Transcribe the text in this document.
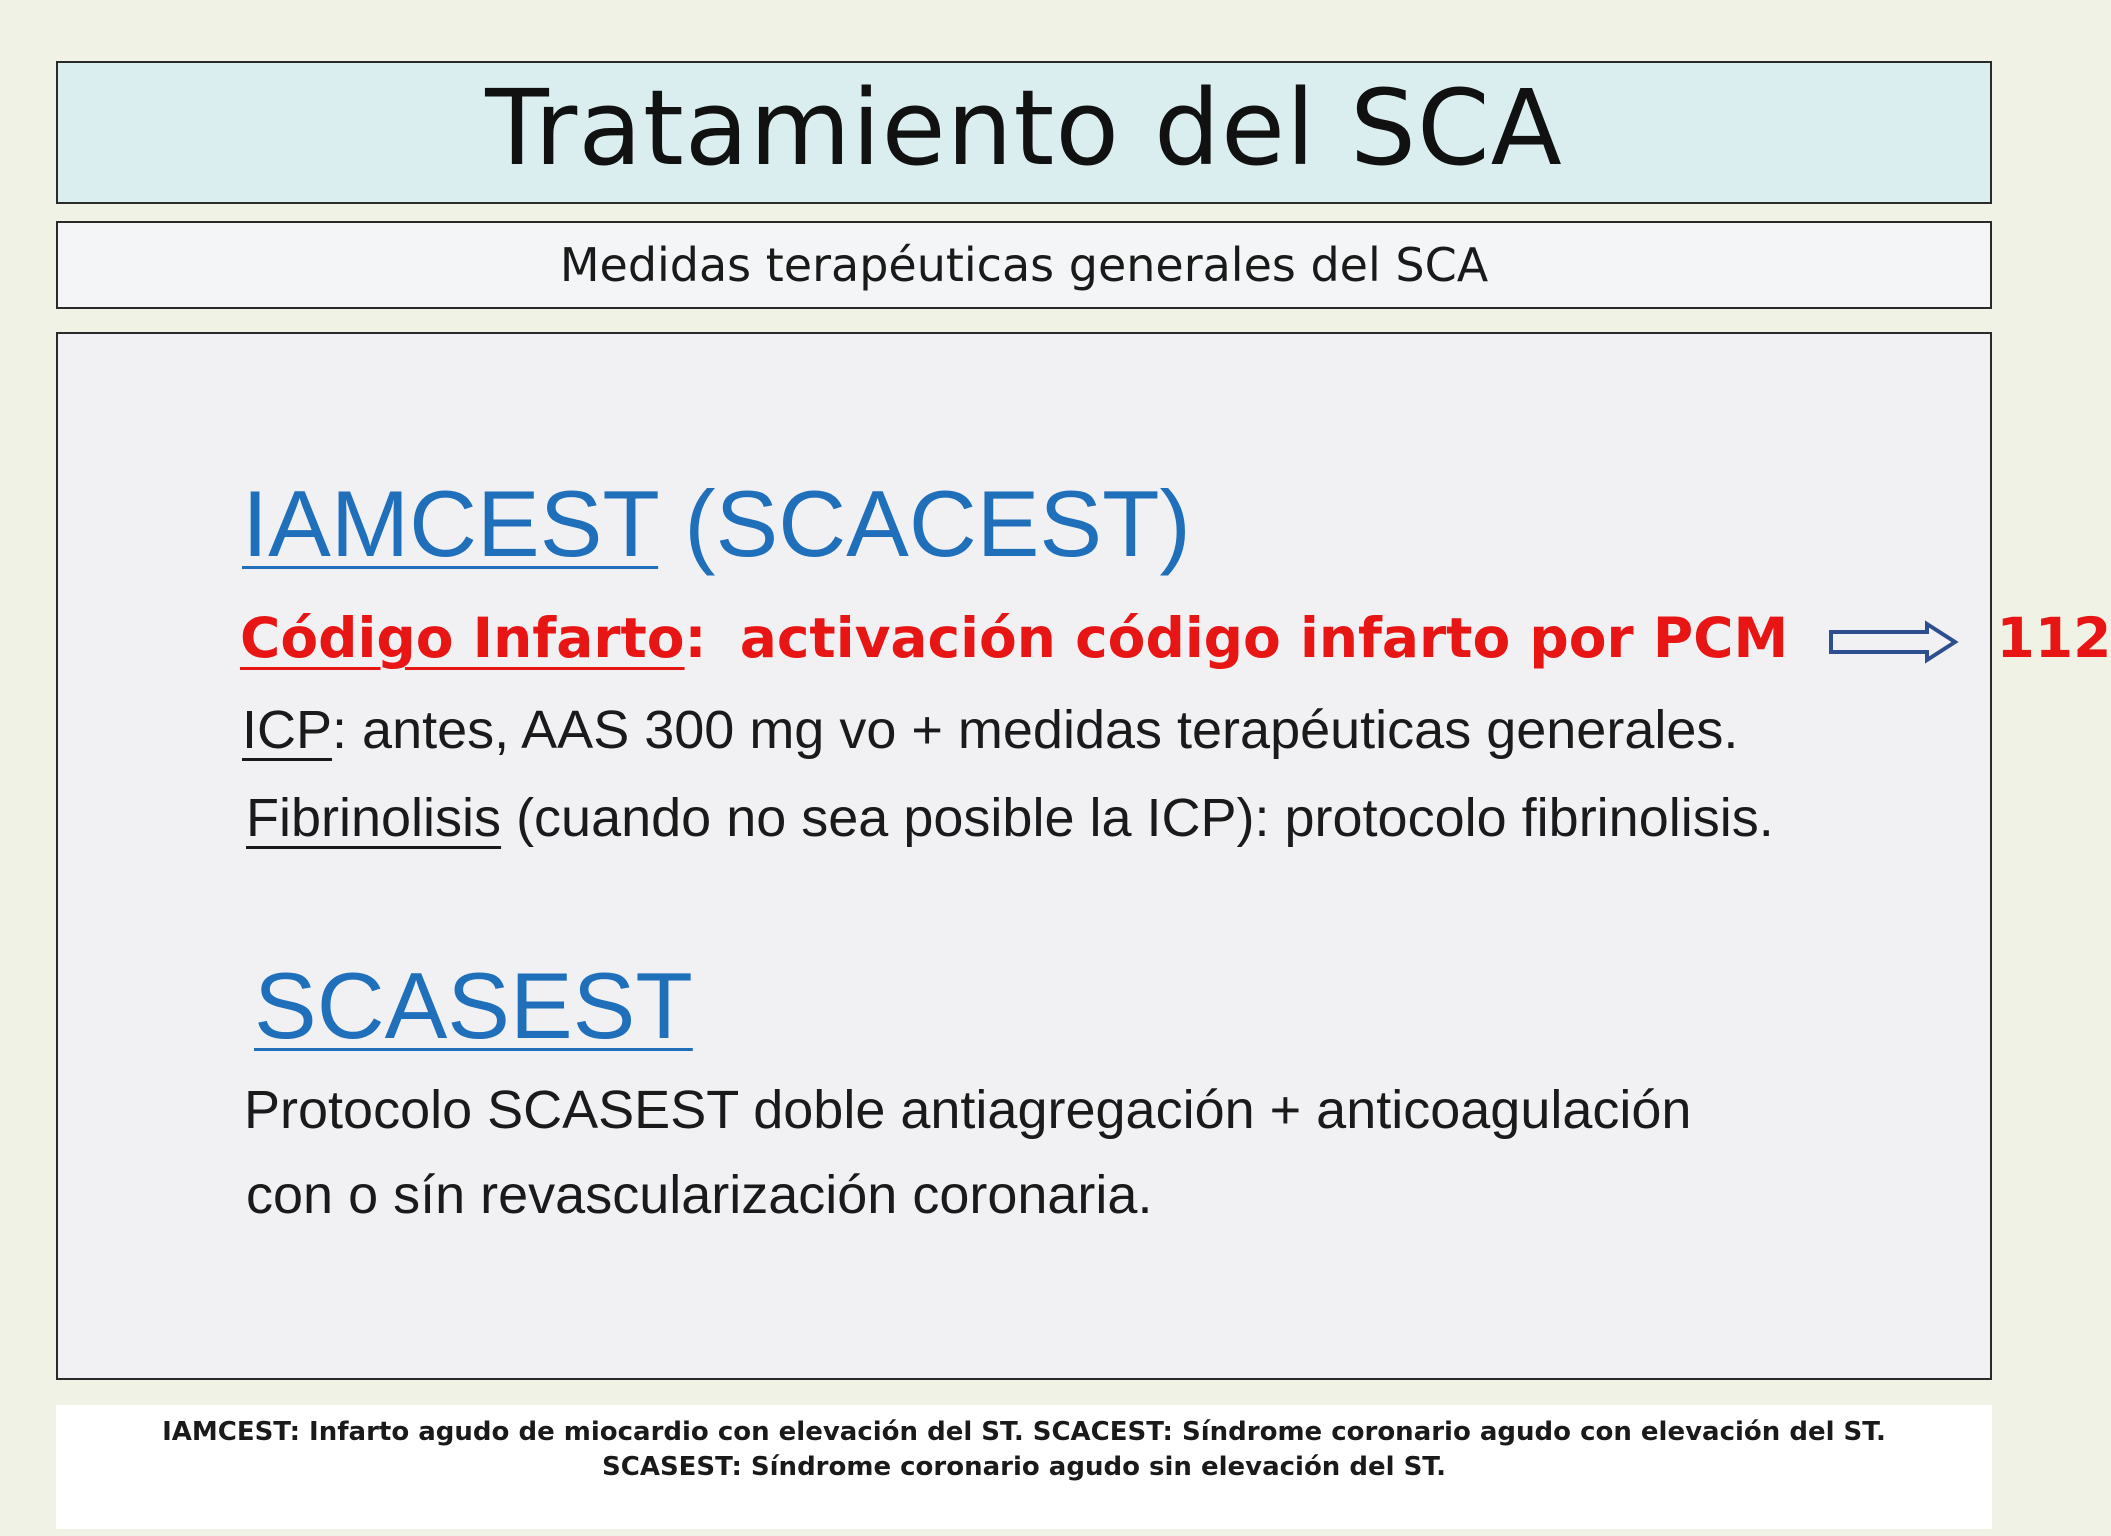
Tratamiento del SCA
Medidas terapéuticas generales del SCA
IAMCEST (SCACEST)
Código Infarto: activación código infarto por PCM	112
ICP: antes, AAS 300 mg vo + medidas terapéuticas generales.
Fibrinolisis (cuando no sea posible la ICP): protocolo fibrinolisis.
SCASEST
Protocolo SCASEST doble antiagregación + anticoagulación
con o sín revascularización coronaria.
IAMCEST: Infarto agudo de miocardio con elevación del ST. SCACEST: Síndrome coronario agudo con elevación del ST.
SCASEST: Síndrome coronario agudo sin elevación del ST.
